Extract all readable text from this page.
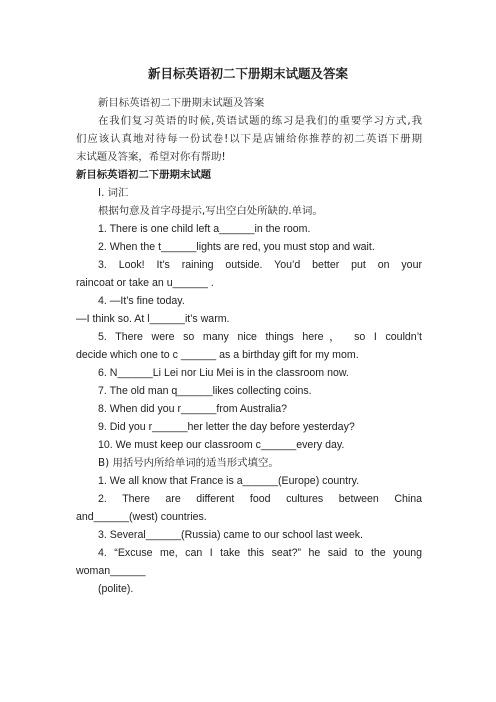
新目标英语初二下册期末试题及答案
新目标英语初二下册期末试题及答案
在我们复习英语的时候,英语试题的练习是我们的重要学习方式,我
们应该认真地对待每一份试卷!以下是店铺给你推荐的初二英语下册期
末试题及答案，希望对你有帮助!
新目标英语初二下册期末试题
Ⅰ. 词汇
根据句意及首字母提示,写出空白处所缺的.单词。
1. There is one child left a______in the room.
2. When the t______lights are red, you must stop and wait.
3. Look! It’s raining outside. You’d better put on your
raincoat or take an u______ .
4. —It’s fine today.
—I think so. At l______it’s warm.
5. There were so many nice things here， so I couldn’t
decide which one to c ______ as a birthday gift for my mom.
6. N______Li Lei nor Liu Mei is in the classroom now.
7. The old man q______likes collecting coins.
8. When did you r______from Australia?
9. Did you r______her letter the day before yesterday?
10. We must keep our classroom c______every day.
B) 用括号内所给单词的适当形式填空。
1. We all know that France is a______(Europe) country.
2. There are different food cultures between China
and______(west) countries.
3. Several______(Russia) came to our school last week.
4. “Excuse me, can I take this seat?” he said to the young
woman______
(polite).
